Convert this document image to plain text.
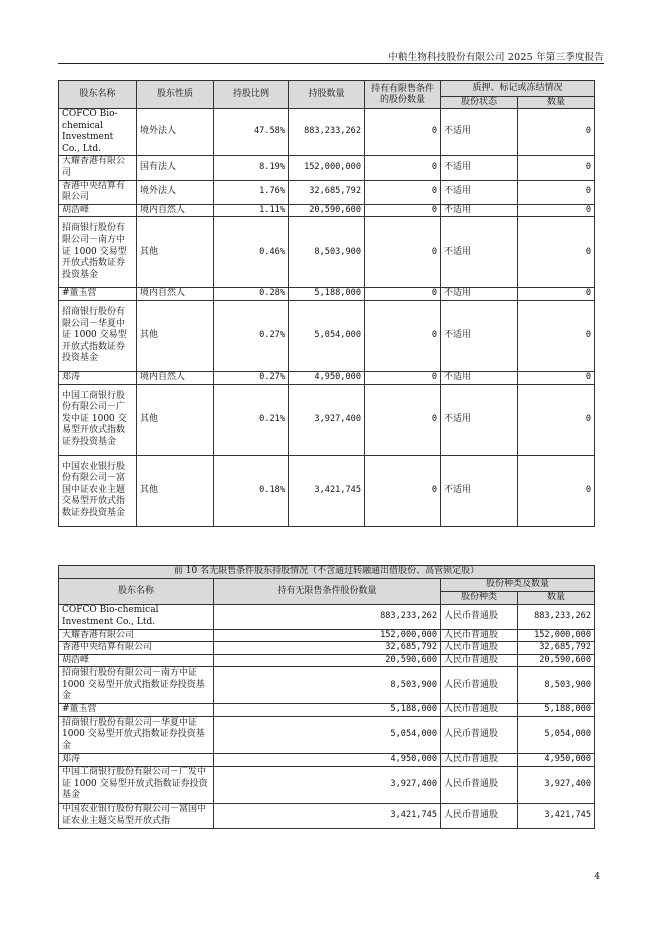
中粮生物科技股份有限公司 2025 年第三季度报告
股东名称	股东性质	持股比例	持股数量	持有有限售条件的股份数量	质押、标记或冻结情况	
					股份状态	数量
COFCO Bio-chemical Investment Co., Ltd.	境外法人	47.58%	883,233,262	0	不适用	0
大耀香港有限公司	国有法人	8.19%	152,000,000	0	不适用	0
香港中央结算有限公司	境外法人	1.76%	32,685,792	0	不适用	0
胡浩峰	境内自然人	1.11%	20,590,600	0	不适用	0
招商银行股份有限公司－南方中证 1000 交易型开放式指数证券投资基金	其他	0.46%	8,503,900	0	不适用	0
#董玉营	境内自然人	0.28%	5,188,000	0	不适用	0
招商银行股份有限公司－华夏中证 1000 交易型开放式指数证券投资基金	其他	0.27%	5,054,000	0	不适用	0
郑涛	境内自然人	0.27%	4,950,000	0	不适用	0
中国工商银行股份有限公司－广发中证 1000 交易型开放式指数证券投资基金	其他	0.21%	3,927,400	0	不适用	0
中国农业银行股份有限公司－富国中证农业主题交易型开放式指数证券投资基金	其他	0.18%	3,421,745	0	不适用	0
前 10 名无限售条件股东持股情况（不含通过转融通出借股份、高管锁定股）			
股东名称	持有无限售条件股份数量	股份种类及数量	
		股份种类	数量
COFCO Bio-chemical Investment Co., Ltd.	883,233,262	人民币普通股	883,233,262
大耀香港有限公司	152,000,000	人民币普通股	152,000,000
香港中央结算有限公司	32,685,792	人民币普通股	32,685,792
胡浩峰	20,590,600	人民币普通股	20,590,600
招商银行股份有限公司－南方中证 1000 交易型开放式指数证券投资基金	8,503,900	人民币普通股	8,503,900
#董玉营	5,188,000	人民币普通股	5,188,000
招商银行股份有限公司－华夏中证 1000 交易型开放式指数证券投资基金	5,054,000	人民币普通股	5,054,000
郑涛	4,950,000	人民币普通股	4,950,000
中国工商银行股份有限公司－广发中证 1000 交易型开放式指数证券投资基金	3,927,400	人民币普通股	3,927,400
中国农业银行股份有限公司－富国中证农业主题交易型开放式指	3,421,745	人民币普通股	3,421,745
4
